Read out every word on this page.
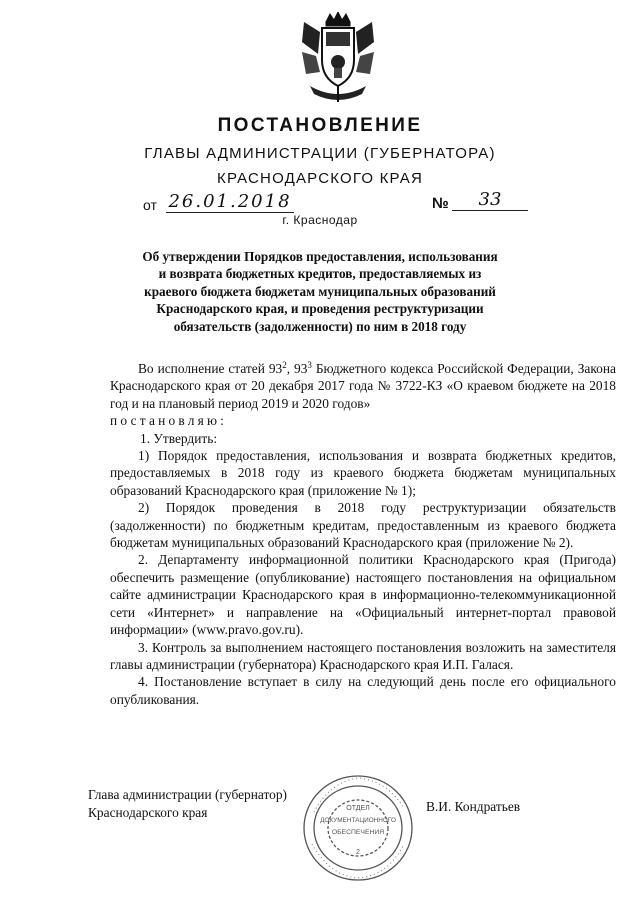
ПОСТАНОВЛЕНИЕ
ГЛАВЫ АДМИНИСТРАЦИИ (ГУБЕРНАТОРА)
КРАСНОДАРСКОГО КРАЯ
от 26.01.2018	№	33
г. Краснодар
Об утверждении Порядков предоставления, использования и возврата бюджетных кредитов, предоставляемых из краевого бюджета бюджетам муниципальных образований Краснодарского края, и проведения реструктуризации обязательств (задолженности) по ним в 2018 году

Во исполнение статей $93^2$, $93^3$ Бюджетного кодекса Российской Федерации, Закона Краснодарского края от 20 декабря 2017 года № 3722-КЗ «О краевом бюджете на 2018 год и на плановый период 2019 и 2020 годов»

постановляю:

1. Утвердить:

1) Порядок предоставления, использования и возврата бюджетных кредитов, предоставляемых в 2018 году из краевого бюджета бюджетам муниципальных образований Краснодарского края (приложение № 1);

2) Порядок проведения в 2018 году реструктуризации обязательств (задолженности) по бюджетным кредитам, предоставленным из краевого бюджета бюджетам муниципальных образований Краснодарского края (приложение № 2).

2. Департаменту информационной политики Краснодарского края (Пригода) обеспечить размещение (опубликование) настоящего постановления на официальном сайте администрации Краснодарского края в информационно-телекоммуникационной сети «Интернет» и направление на «Официальный интернет-портал правовой информации» (www.pravo.gov.ru).

3. Контроль за выполнением настоящего постановления возложить на заместителя главы администрации (губернатора) Краснодарского края И.П. Галася.

4. Постановление вступает в силу на следующий день после его официального опубликования.

Глава администрации (губернатор)
Краснодарского края	ОТДЕЛ
ДОКУМЕНТАЦИОННОГО
ОБЕСПЕЧЕНИЯ
2
В.И. Кондратьев
